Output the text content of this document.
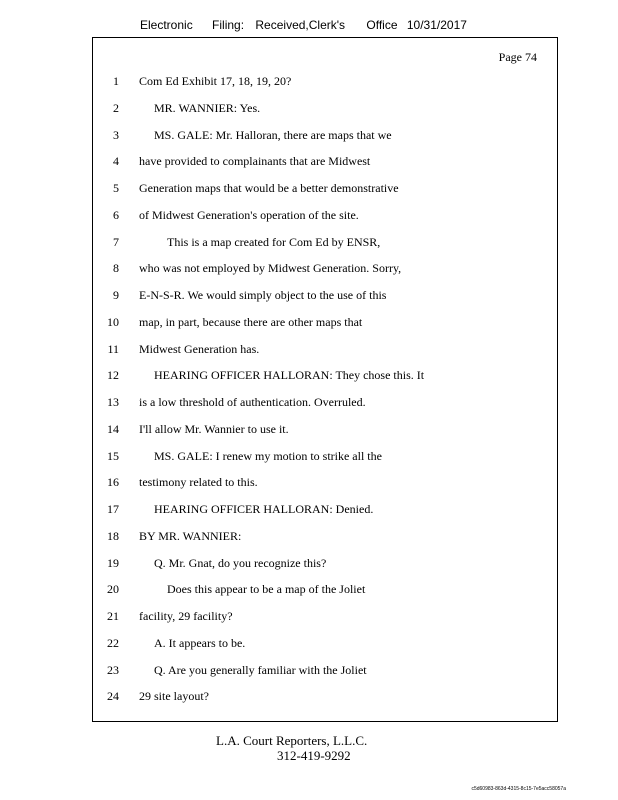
Electronic Filing: Received,Clerk's Office 10/31/2017
Page 74
1 Com Ed Exhibit 17, 18, 19, 20?
2	MR. WANNIER: Yes.
3	MS. GALE: Mr. Halloran, there are maps that we
4 have provided to complainants that are Midwest
5 Generation maps that would be a better demonstrative
6 of Midwest Generation's operation of the site.
7	This is a map created for Com Ed by ENSR,
8 who was not employed by Midwest Generation. Sorry,
9 E-N-S-R. We would simply object to the use of this
10 map, in part, because there are other maps that
11 Midwest Generation has.
12	HEARING OFFICER HALLORAN: They chose this. It
13 is a low threshold of authentication. Overruled.
14 I'll allow Mr. Wannier to use it.
15	MS. GALE: I renew my motion to strike all the
16 testimony related to this.
17	HEARING OFFICER HALLORAN: Denied.
18 BY MR. WANNIER:
19	Q. Mr. Gnat, do you recognize this?
20	Does this appear to be a map of the Joliet
21 facility, 29 facility?
22	A. It appears to be.
23	Q. Are you generally familiar with the Joliet
24 29 site layout?
L.A. Court Reporters, L.L.C.
312-419-9292
c5d60983-863d-4315-8c15-7e5acc58057a
